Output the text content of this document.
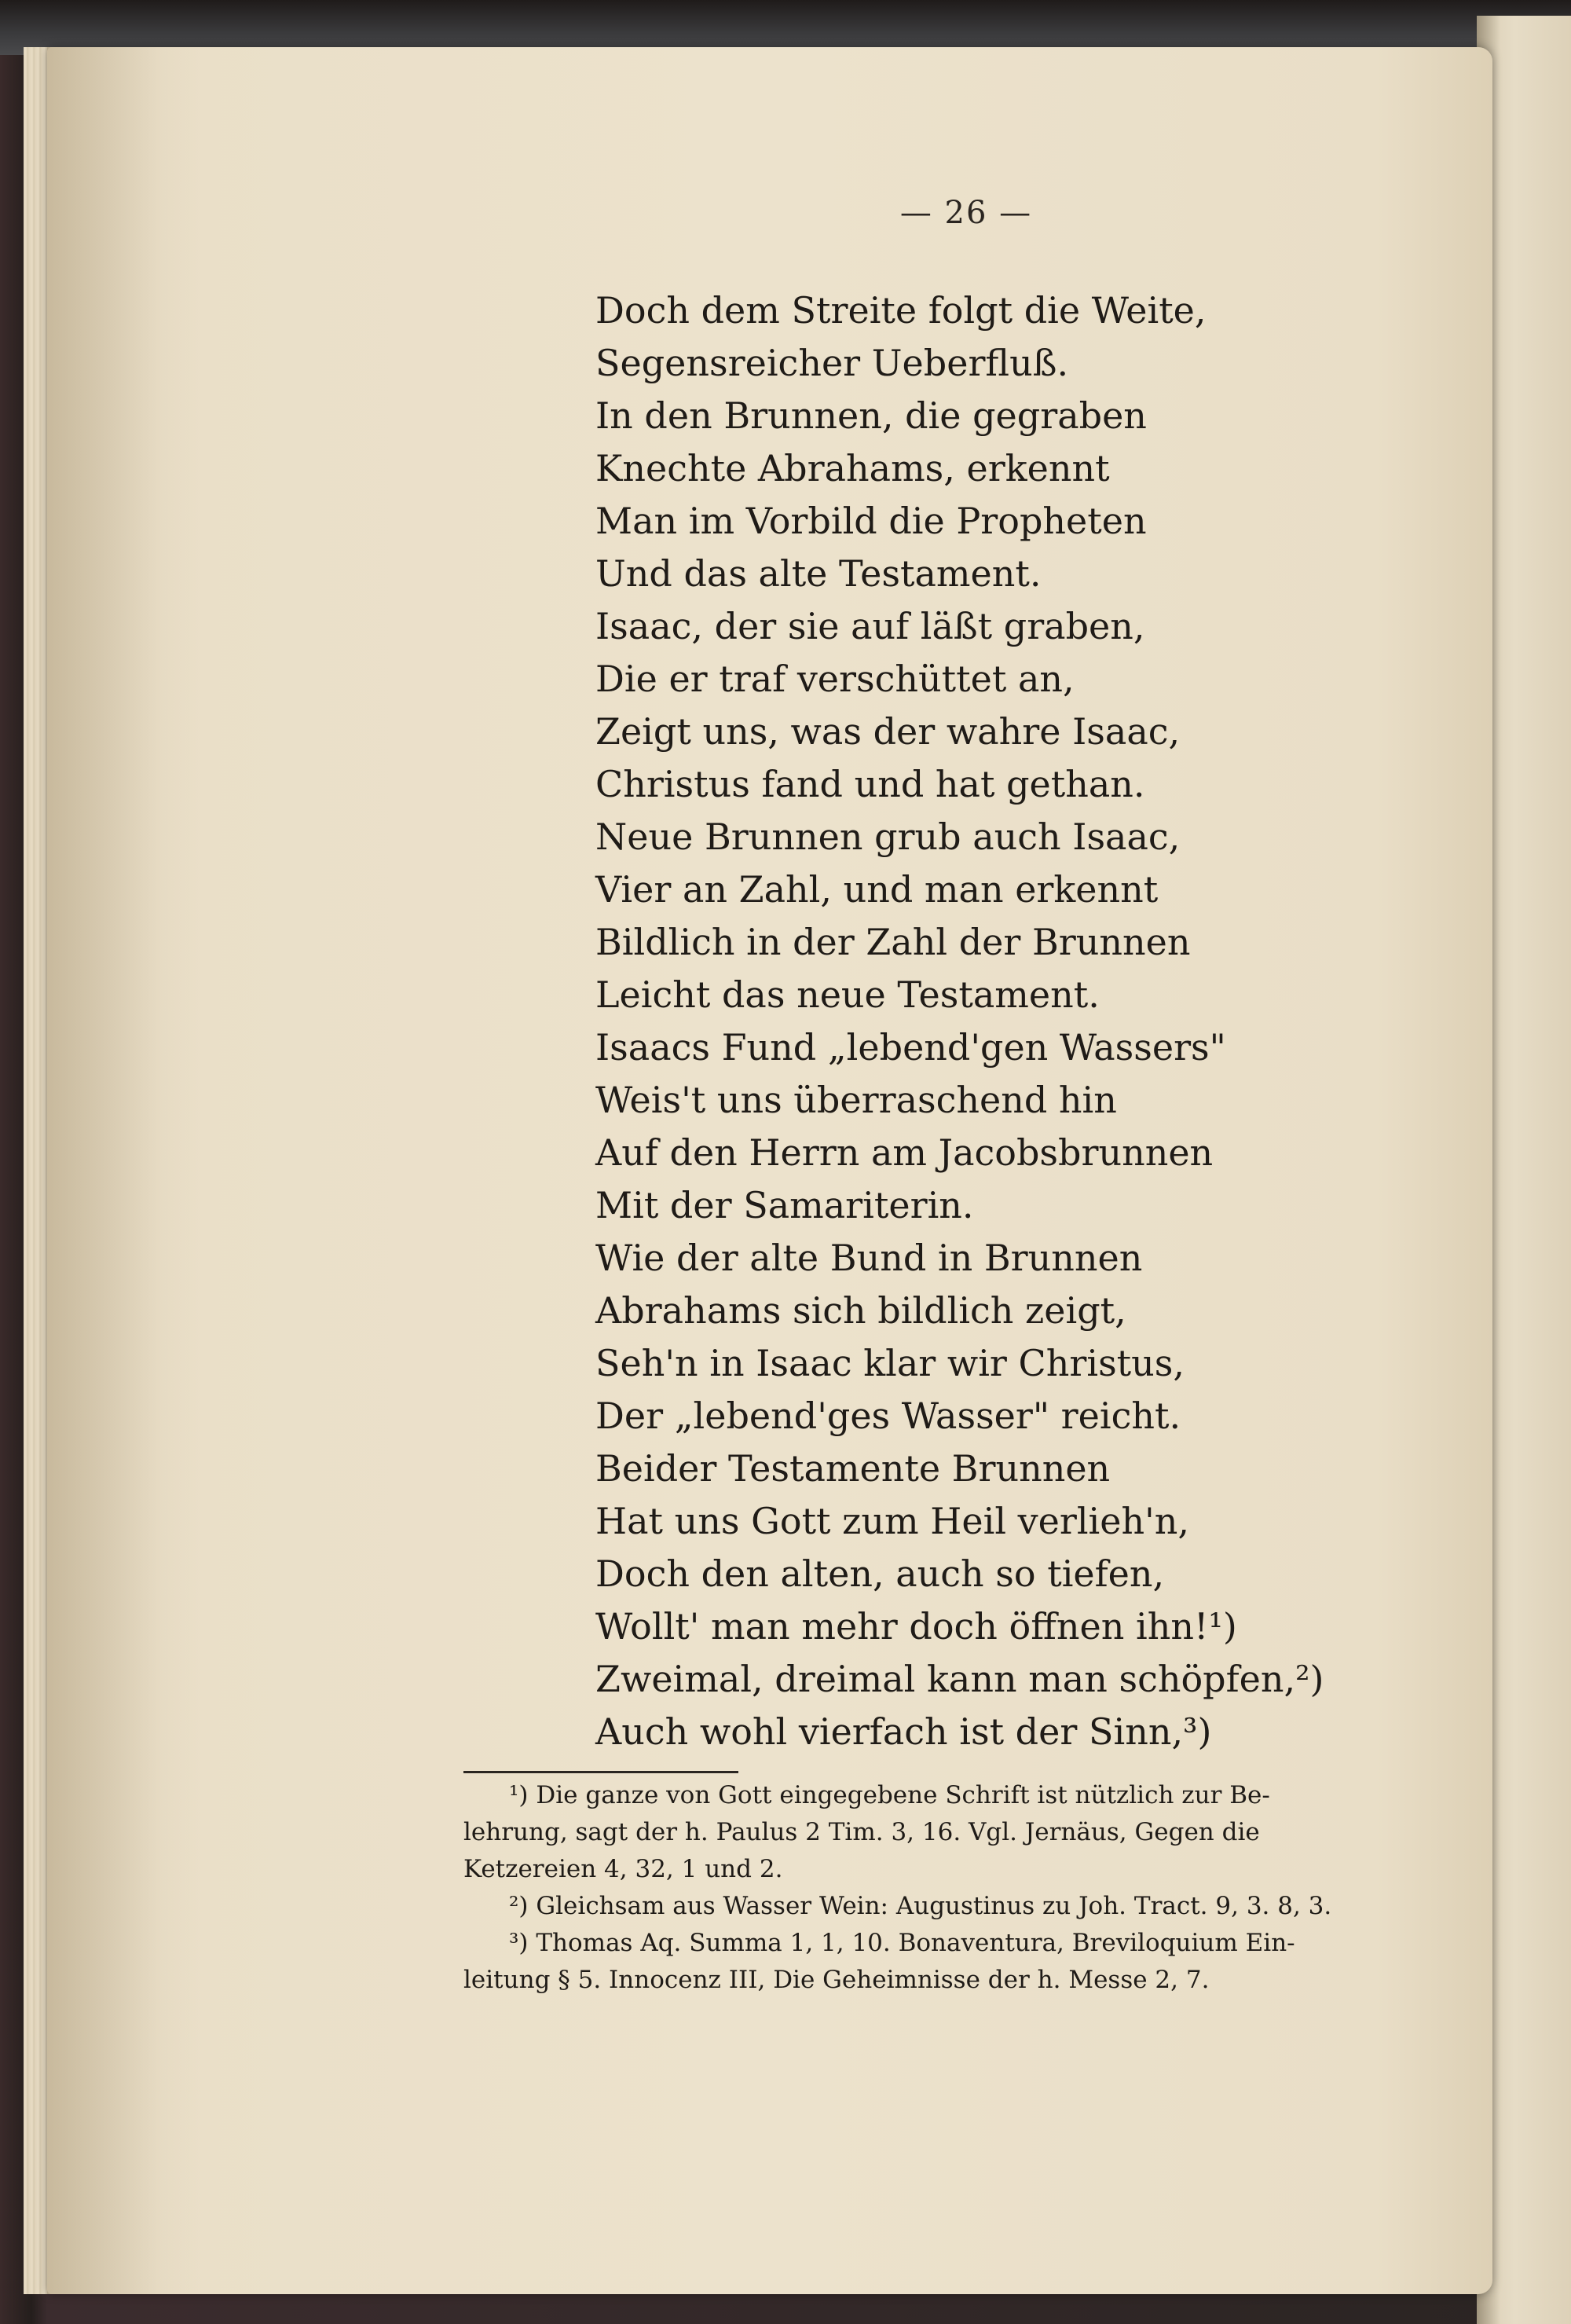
— 26 —
Doch dem Streite folgt die Weite,
Segensreicher Ueberfluß.
In den Brunnen, die gegraben
Knechte Abrahams, erkennt
Man im Vorbild die Propheten
Und das alte Testament.
Isaac, der sie auf läßt graben,
Die er traf verschüttet an,
Zeigt uns, was der wahre Isaac,
Christus fand und hat gethan.
Neue Brunnen grub auch Isaac,
Vier an Zahl, und man erkennt
Bildlich in der Zahl der Brunnen
Leicht das neue Testament.
Isaacs Fund „lebend'gen Wassers"
Weis't uns überraschend hin
Auf den Herrn am Jacobsbrunnen
Mit der Samariterin.
Wie der alte Bund in Brunnen
Abrahams sich bildlich zeigt,
Seh'n in Isaac klar wir Christus,
Der „lebend'ges Wasser" reicht.
Beider Testamente Brunnen
Hat uns Gott zum Heil verlieh'n,
Doch den alten, auch so tiefen,
Wollt' man mehr doch öffnen ihn!¹)
Zweimal, dreimal kann man schöpfen,²)
Auch wohl vierfach ist der Sinn,³)
¹) Die ganze von Gott eingegebene Schrift ist nützlich zur Be-
lehrung, sagt der h. Paulus 2 Tim. 3, 16. Vgl. Jernäus, Gegen die
Ketzereien 4, 32, 1 und 2.
²) Gleichsam aus Wasser Wein: Augustinus zu Joh. Tract. 9, 3. 8, 3.
³) Thomas Aq. Summa 1, 1, 10. Bonaventura, Breviloquium Ein-
leitung § 5. Innocenz III, Die Geheimnisse der h. Messe 2, 7.
